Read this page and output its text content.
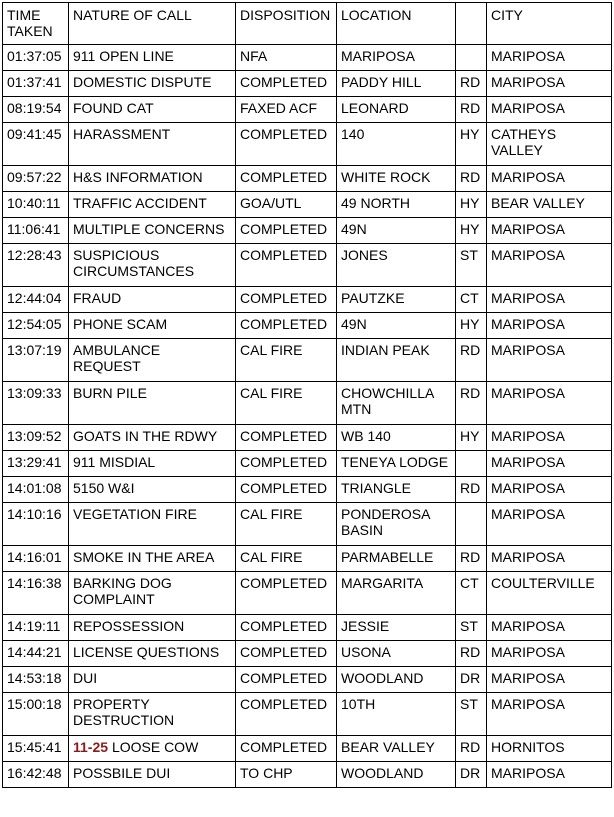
TIME TAKEN	NATURE OF CALL	DISPOSITION	LOCATION		CITY
01:37:05	911 OPEN LINE	NFA	MARIPOSA		MARIPOSA
01:37:41	DOMESTIC DISPUTE	COMPLETED	PADDY HILL	RD	MARIPOSA
08:19:54	FOUND CAT	FAXED ACF	LEONARD	RD	MARIPOSA
09:41:45	HARASSMENT	COMPLETED	140	HY	CATHEYS VALLEY
09:57:22	H&S INFORMATION	COMPLETED	WHITE ROCK	RD	MARIPOSA
10:40:11	TRAFFIC ACCIDENT	GOA/UTL	49 NORTH	HY	BEAR VALLEY
11:06:41	MULTIPLE CONCERNS	COMPLETED	49N	HY	MARIPOSA
12:28:43	SUSPICIOUS CIRCUMSTANCES	COMPLETED	JONES	ST	MARIPOSA
12:44:04	FRAUD	COMPLETED	PAUTZKE	CT	MARIPOSA
12:54:05	PHONE SCAM	COMPLETED	49N	HY	MARIPOSA
13:07:19	AMBULANCE REQUEST	CAL FIRE	INDIAN PEAK	RD	MARIPOSA
13:09:33	BURN PILE	CAL FIRE	CHOWCHILLA MTN	RD	MARIPOSA
13:09:52	GOATS IN THE RDWY	COMPLETED	WB 140	HY	MARIPOSA
13:29:41	911 MISDIAL	COMPLETED	TENEYA LODGE		MARIPOSA
14:01:08	5150 W&I	COMPLETED	TRIANGLE	RD	MARIPOSA
14:10:16	VEGETATION FIRE	CAL FIRE	PONDEROSA BASIN		MARIPOSA
14:16:01	SMOKE IN THE AREA	CAL FIRE	PARMABELLE	RD	MARIPOSA
14:16:38	BARKING DOG COMPLAINT	COMPLETED	MARGARITA	CT	COULTERVILLE
14:19:11	REPOSSESSION	COMPLETED	JESSIE	ST	MARIPOSA
14:44:21	LICENSE QUESTIONS	COMPLETED	USONA	RD	MARIPOSA
14:53:18	DUI	COMPLETED	WOODLAND	DR	MARIPOSA
15:00:18	PROPERTY DESTRUCTION	COMPLETED	10TH	ST	MARIPOSA
15:45:41	11-25 LOOSE COW	COMPLETED	BEAR VALLEY	RD	HORNITOS
16:42:48	POSSBILE DUI	TO CHP	WOODLAND	DR	MARIPOSA
